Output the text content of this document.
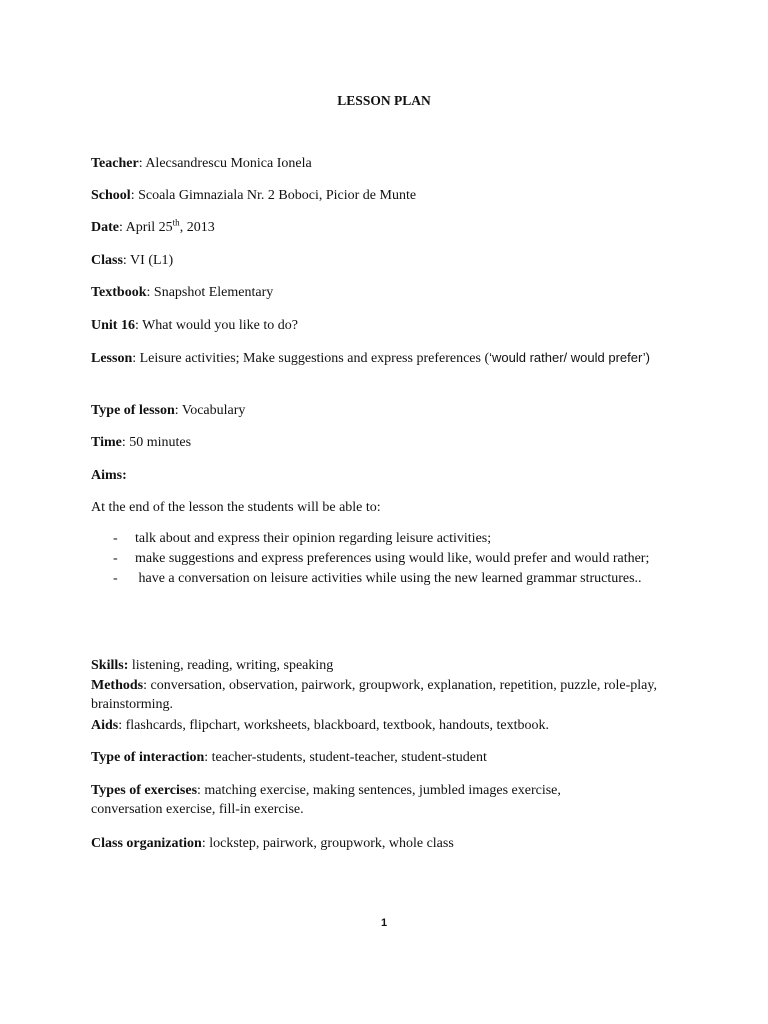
LESSON PLAN
Teacher: Alecsandrescu Monica Ionela
School: Scoala Gimnaziala Nr. 2 Boboci, Picior de Munte
Date: April 25th, 2013
Class: VI (L1)
Textbook: Snapshot Elementary
Unit 16: What would you like to do?
Lesson: Leisure activities; Make suggestions and express preferences (‘would rather/ would prefer’)
Type of lesson: Vocabulary
Time: 50 minutes
Aims:
At the end of the lesson the students will be able to:
- talk about and express their opinion regarding leisure activities;
- make suggestions and express preferences using would like, would prefer and would rather;
- have a conversation on leisure activities while using the new learned grammar structures..
Skills: listening, reading, writing, speaking
Methods: conversation, observation, pairwork, groupwork, explanation, repetition, puzzle, role-play, brainstorming.
Aids: flashcards, flipchart, worksheets, blackboard, textbook, handouts, textbook.
Type of interaction: teacher-students, student-teacher, student-student
Types of exercises: matching exercise, making sentences, jumbled images exercise, conversation exercise, fill-in exercise.
Class organization: lockstep, pairwork, groupwork, whole class
1
